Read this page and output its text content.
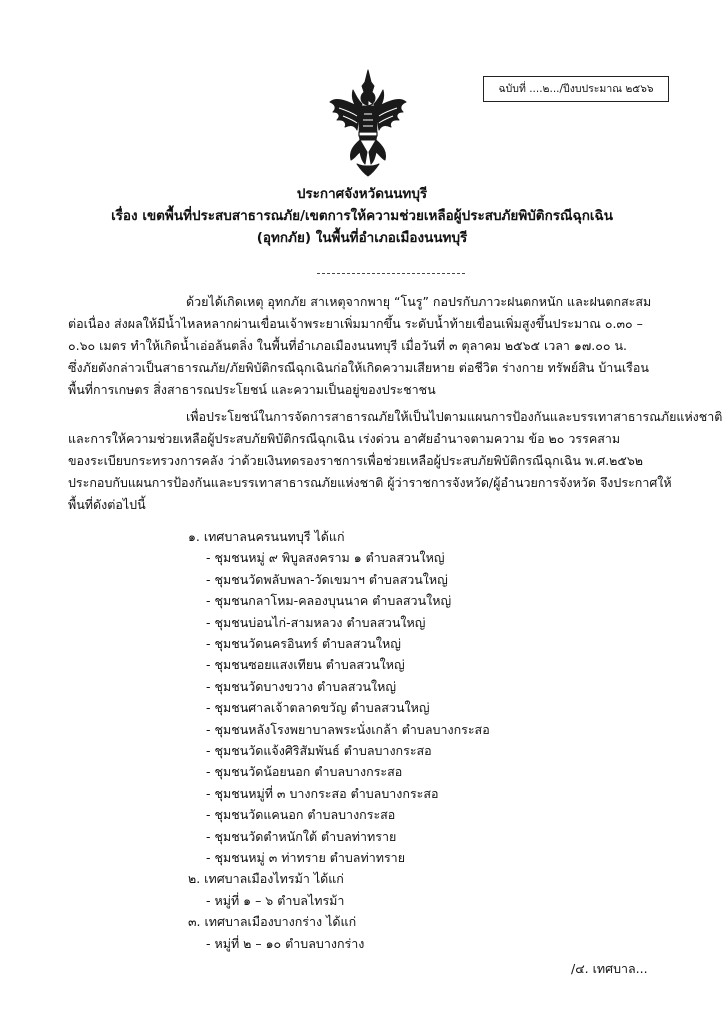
ฉบับที่ ....๒.../ปีงบประมาณ ๒๕๖๖
ประกาศจังหวัดนนทบุรี
เรื่อง เขตพื้นที่ประสบสาธารณภัย/เขตการให้ความช่วยเหลือผู้ประสบภัยพิบัติกรณีฉุกเฉิน
(อุทกภัย) ในพื้นที่อำเภอเมืองนนทบุรี
ด้วยได้เกิดเหตุ อุทกภัย สาเหตุจากพายุ “โนรู” กอปรกับภาวะฝนตกหนัก และฝนตกสะสม
ต่อเนื่อง ส่งผลให้มีน้ำไหลหลากผ่านเขื่อนเจ้าพระยาเพิ่มมากขึ้น ระดับน้ำท้ายเขื่อนเพิ่มสูงขึ้นประมาณ ๐.๓๐ –
๐.๖๐ เมตร ทำให้เกิดน้ำเอ่อล้นตลิ่ง ในพื้นที่อำเภอเมืองนนทบุรี เมื่อวันที่ ๓ ตุลาคม ๒๕๖๕ เวลา ๑๗.๐๐ น.
ซึ่งภัยดังกล่าวเป็นสาธารณภัย/ภัยพิบัติกรณีฉุกเฉินก่อให้เกิดความเสียหาย ต่อชีวิต ร่างกาย ทรัพย์สิน บ้านเรือน
พื้นที่การเกษตร สิ่งสาธารณประโยชน์ และความเป็นอยู่ของประชาชน
เพื่อประโยชน์ในการจัดการสาธารณภัยให้เป็นไปตามแผนการป้องกันและบรรเทาสาธารณภัยแห่งชาติ
และการให้ความช่วยเหลือผู้ประสบภัยพิบัติกรณีฉุกเฉิน เร่งด่วน อาศัยอำนาจตามความ ข้อ ๒๐ วรรคสาม
ของระเบียบกระทรวงการคลัง ว่าด้วยเงินทดรองราชการเพื่อช่วยเหลือผู้ประสบภัยพิบัติกรณีฉุกเฉิน พ.ศ.๒๕๖๒
ประกอบกับแผนการป้องกันและบรรเทาสาธารณภัยแห่งชาติ ผู้ว่าราชการจังหวัด/ผู้อำนวยการจังหวัด จึงประกาศให้
พื้นที่ดังต่อไปนี้
๑. เทศบาลนครนนทบุรี ได้แก่
- ชุมชนหมู่ ๙ พิบูลสงคราม ๑ ตำบลสวนใหญ่
- ชุมชนวัดพลับพลา-วัดเขมาฯ ตำบลสวนใหญ่
- ชุมชนกลาโหม-คลองบุนนาค ตำบลสวนใหญ่
- ชุมชนบ่อนไก่-สามหลวง ตำบลสวนใหญ่
- ชุมชนวัดนครอินทร์ ตำบลสวนใหญ่
- ชุมชนซอยแสงเทียน ตำบลสวนใหญ่
- ชุมชนวัดบางขวาง ตำบลสวนใหญ่
- ชุมชนศาลเจ้าตลาดขวัญ ตำบลสวนใหญ่
- ชุมชนหลังโรงพยาบาลพระนั่งเกล้า ตำบลบางกระสอ
- ชุมชนวัดแจ้งศิริสัมพันธ์ ตำบลบางกระสอ
- ชุมชนวัดน้อยนอก ตำบลบางกระสอ
- ชุมชนหมู่ที่ ๓ บางกระสอ ตำบลบางกระสอ
- ชุมชนวัดแคนอก ตำบลบางกระสอ
- ชุมชนวัดตำหนักใต้ ตำบลท่าทราย
- ชุมชนหมู่ ๓ ท่าทราย ตำบลท่าทราย
๒. เทศบาลเมืองไทรม้า ได้แก่
- หมู่ที่ ๑ – ๖ ตำบลไทรม้า
๓. เทศบาลเมืองบางกร่าง ได้แก่
- หมู่ที่ ๒ – ๑๐ ตำบลบางกร่าง
/๔. เทศบาล...
